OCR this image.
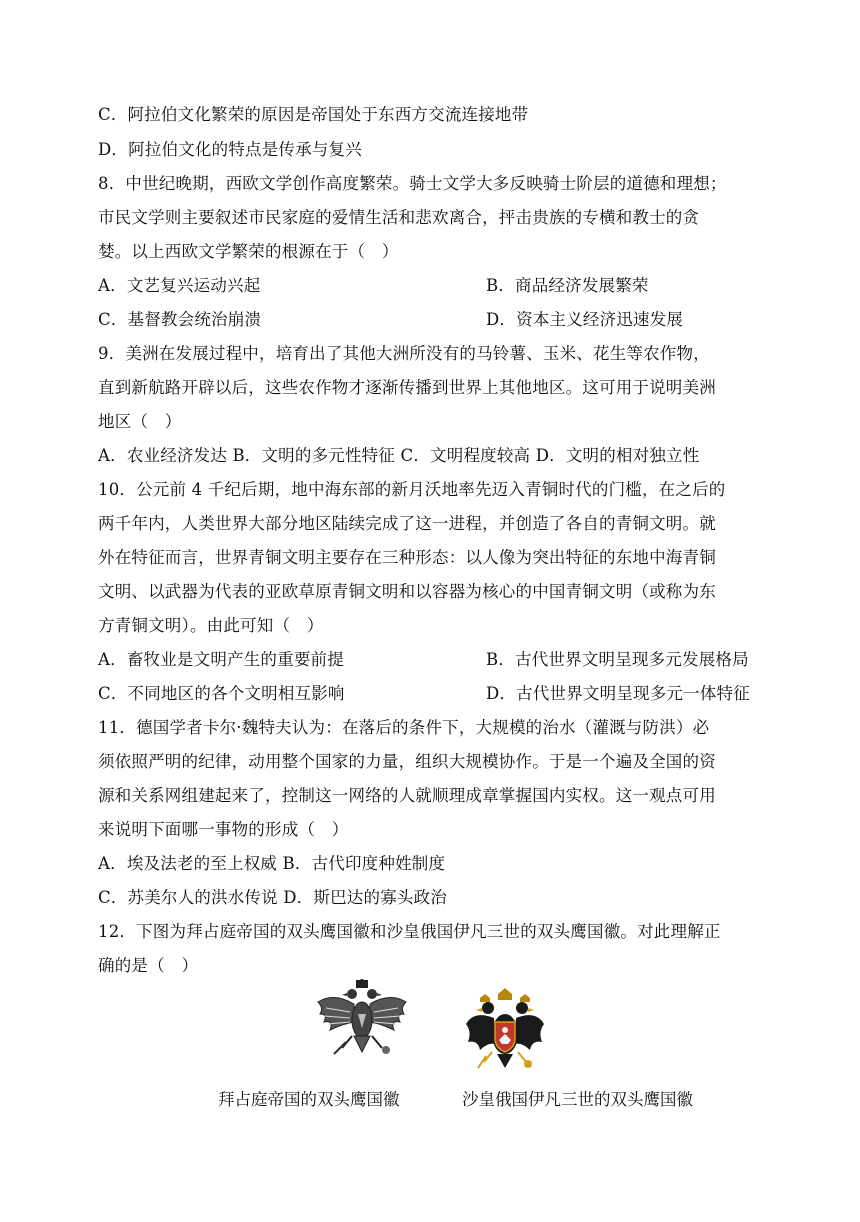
C．阿拉伯文化繁荣的原因是帝国处于东西方交流连接地带
D．阿拉伯文化的特点是传承与复兴
8．中世纪晚期，西欧文学创作高度繁荣。骑士文学大多反映骑士阶层的道德和理想；
市民文学则主要叙述市民家庭的爱情生活和悲欢离合，抨击贵族的专横和教士的贪
婪。以上西欧文学繁荣的根源在于（　）
A．文艺复兴运动兴起	B．商品经济发展繁荣
C．基督教会统治崩溃	D．资本主义经济迅速发展
9．美洲在发展过程中，培育出了其他大洲所没有的马铃薯、玉米、花生等农作物，
直到新航路开辟以后，这些农作物才逐渐传播到世界上其他地区。这可用于说明美洲
地区（　）
A．农业经济发达 B．文明的多元性特征 C．文明程度较高 D．文明的相对独立性
10．公元前 4 千纪后期，地中海东部的新月沃地率先迈入青铜时代的门槛，在之后的
两千年内，人类世界大部分地区陆续完成了这一进程，并创造了各自的青铜文明。就
外在特征而言，世界青铜文明主要存在三种形态：以人像为突出特征的东地中海青铜
文明、以武器为代表的亚欧草原青铜文明和以容器为核心的中国青铜文明（或称为东
方青铜文明）。由此可知（　）
A．畜牧业是文明产生的重要前提	B．古代世界文明呈现多元发展格局
C．不同地区的各个文明相互影响	D．古代世界文明呈现多元一体特征
11．德国学者卡尔·魏特夫认为：在落后的条件下，大规模的治水（灌溉与防洪）必
须依照严明的纪律，动用整个国家的力量，组织大规模协作。于是一个遍及全国的资
源和关系网组建起来了，控制这一网络的人就顺理成章掌握国内实权。这一观点可用
来说明下面哪一事物的形成（　）
A．埃及法老的至上权威 B．古代印度种姓制度
C．苏美尔人的洪水传说 D．斯巴达的寡头政治
12．下图为拜占庭帝国的双头鹰国徽和沙皇俄国伊凡三世的双头鹰国徽。对此理解正
确的是（　）
拜占庭帝国的双头鹰国徽	沙皇俄国伊凡三世的双头鹰国徽
